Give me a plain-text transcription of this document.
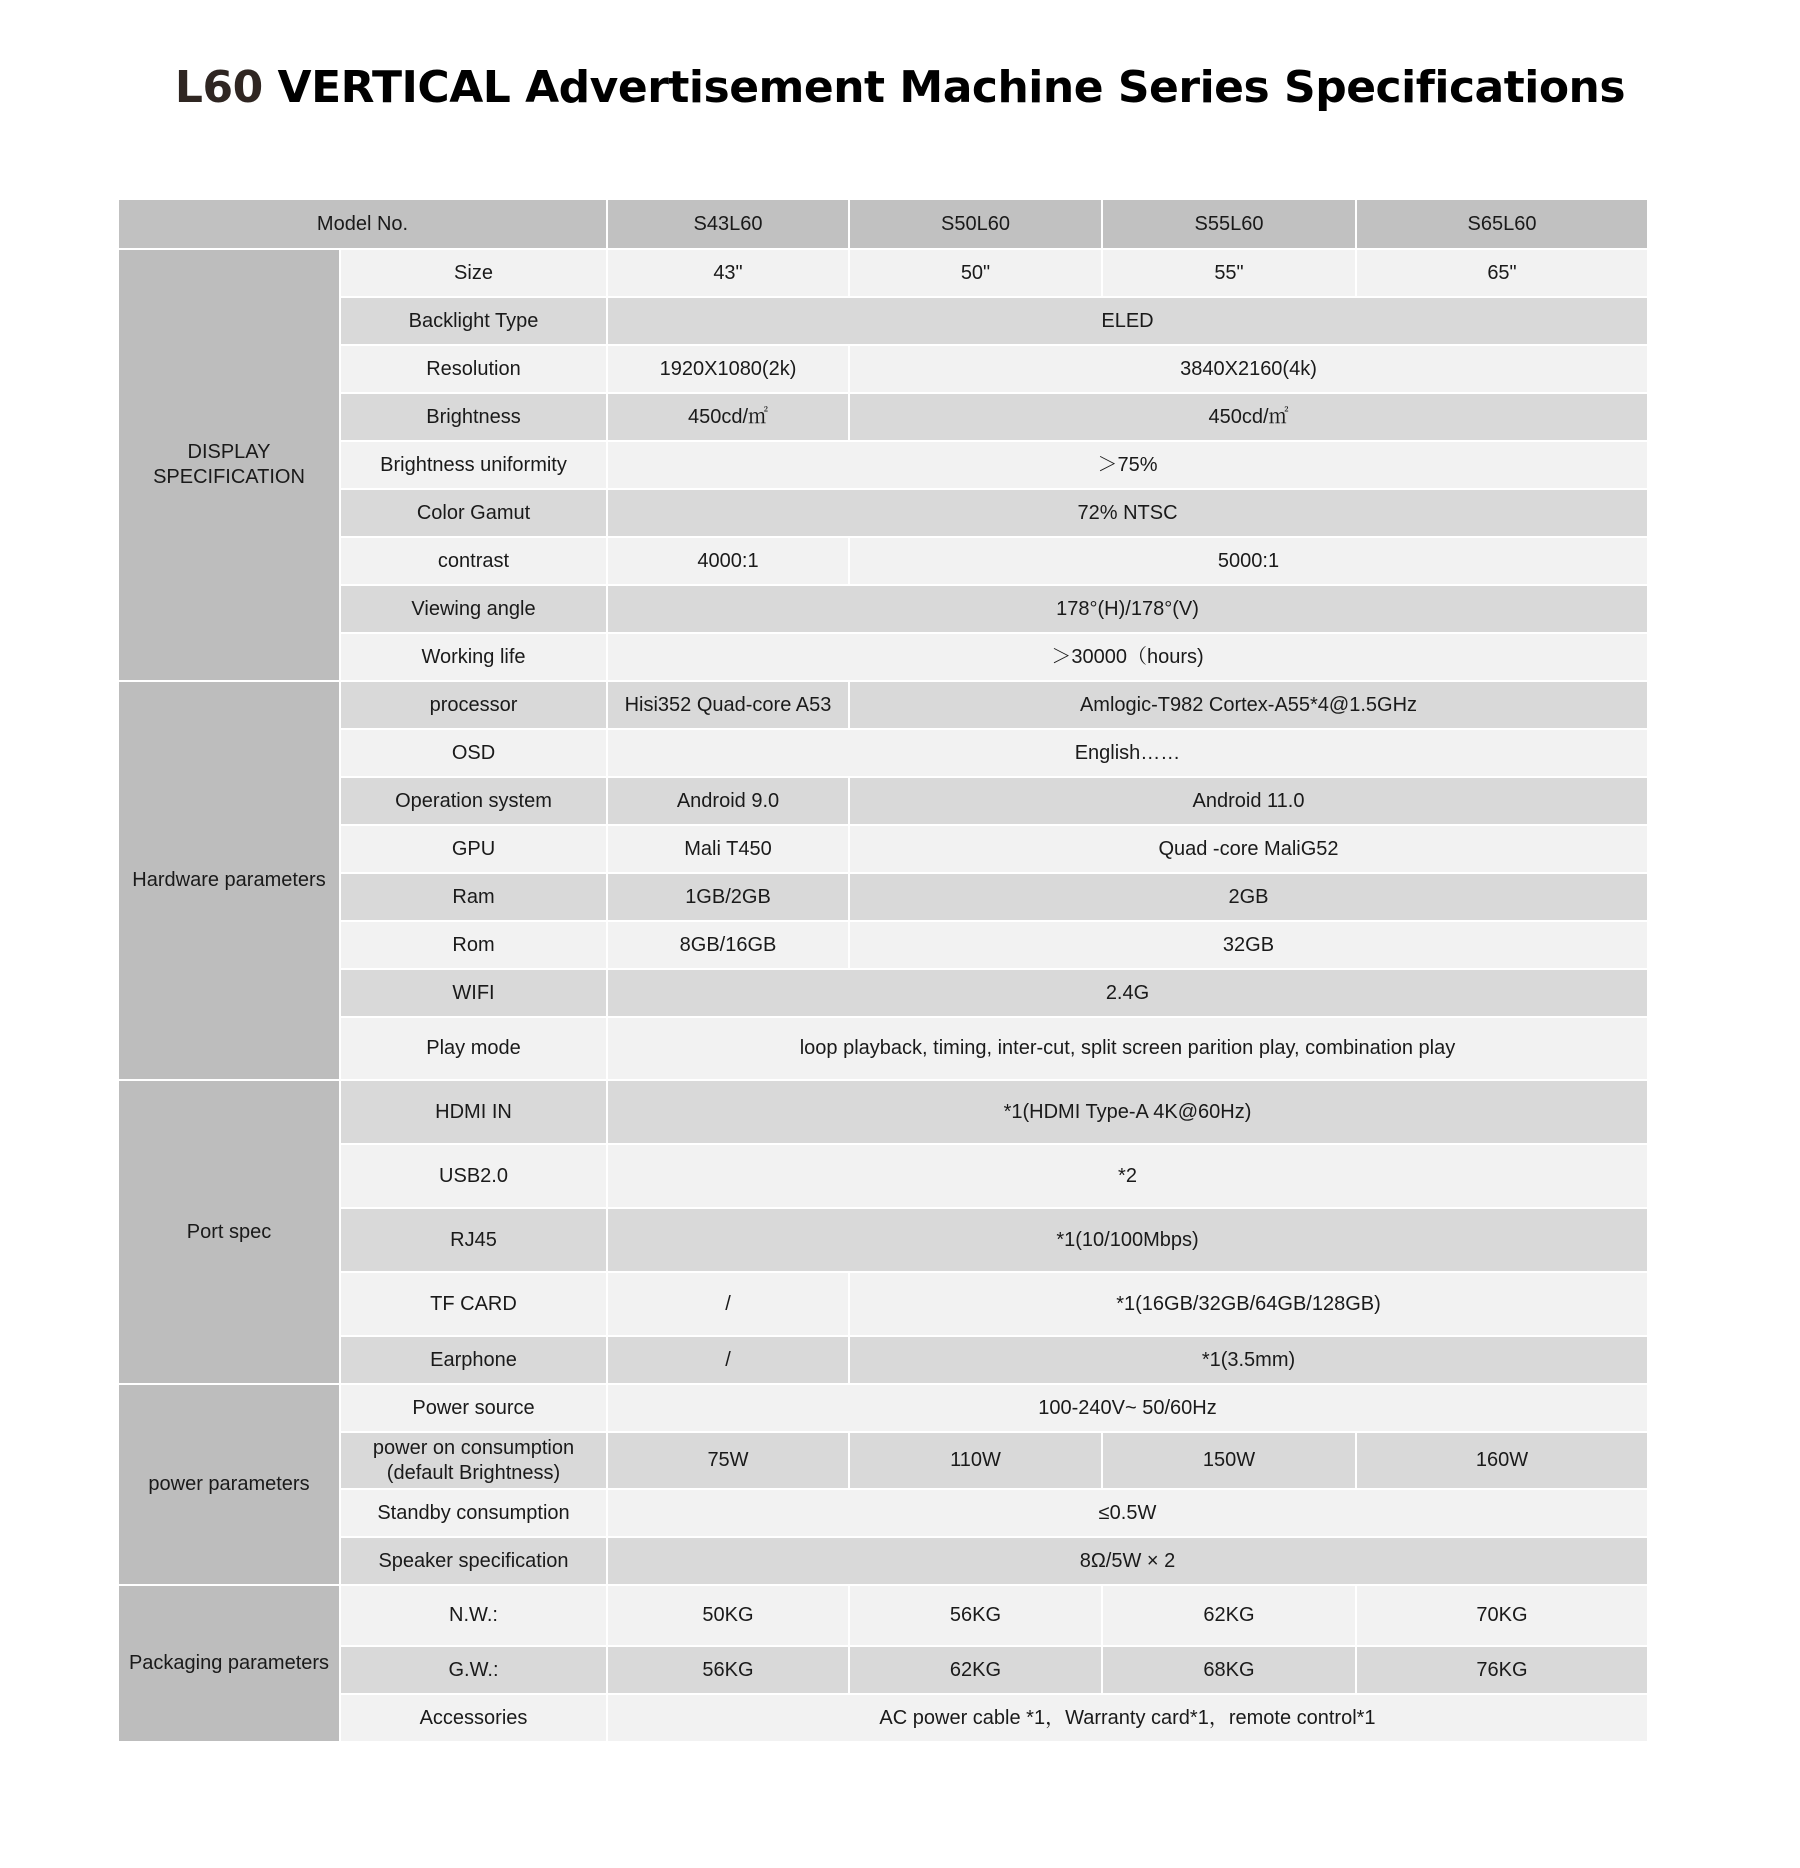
L60 VERTICAL Advertisement Machine Series Specifications
Model No.		S43L60	S50L60	S55L60	S65L60
DISPLAY SPECIFICATION	Size	43"	50"	55"	65"
	Backlight Type	ELED			
	Resolution	1920X1080(2k)	3840X2160(4k)		
	Brightness	450cd/㎡	450cd/㎡		
	Brightness uniformity	＞75%			
	Color Gamut	72% NTSC			
	contrast	4000:1	5000:1		
	Viewing angle	178°(H)/178°(V)			
	Working life	＞30000（hours)			
Hardware parameters	processor	Hisi352 Quad-core A53	Amlogic-T982 Cortex-A55*4@1.5GHz		
	OSD	English……			
	Operation system	Android 9.0	Android 11.0		
	GPU	Mali T450	Quad -core MaliG52		
	Ram	1GB/2GB	2GB		
	Rom	8GB/16GB	32GB		
	WIFI	2.4G			
	Play mode	loop playback, timing, inter-cut, split screen parition play, combination play			
Port spec	HDMI IN	*1(HDMI Type-A 4K@60Hz)			
	USB2.0	*2			
	RJ45	*1(10/100Mbps)			
	TF CARD	/	*1(16GB/32GB/64GB/128GB)		
	Earphone	/	*1(3.5mm)		
power parameters	Power source	100-240V~ 50/60Hz			
	power on consumption
(default Brightness)	75W	110W	150W	160W
	Standby consumption	≤0.5W			
	Speaker specification	8Ω/5W × 2			
Packaging parameters	N.W.:	50KG	56KG	62KG	70KG
	G.W.:	56KG	62KG	68KG	76KG
	Accessories	AC power cable *1，Warranty card*1，remote control*1			
